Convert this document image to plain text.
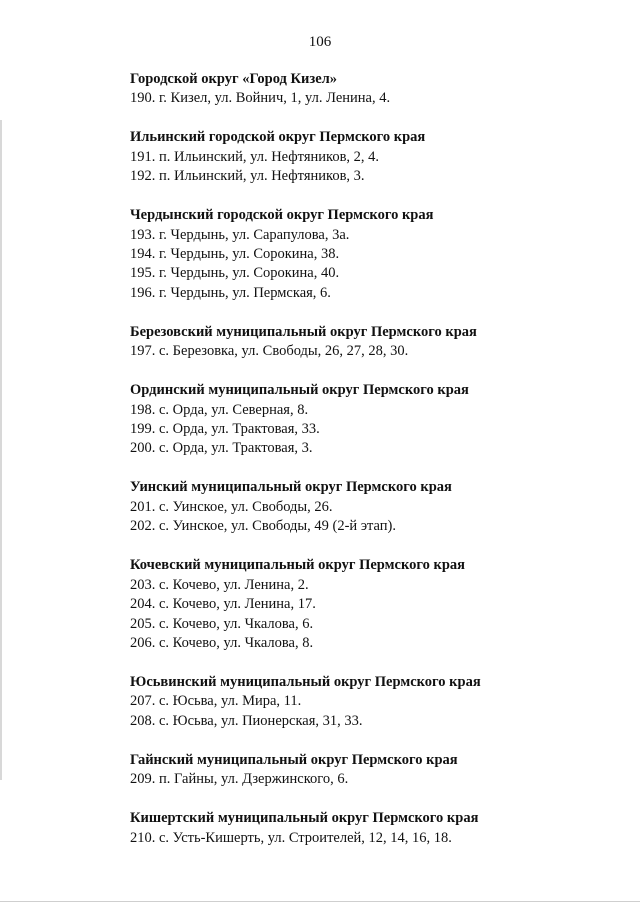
106
Городской округ «Город Кизел»
190. г. Кизел, ул. Войнич, 1, ул. Ленина, 4.
Ильинский городской округ Пермского края
191. п. Ильинский, ул. Нефтяников, 2, 4.
192. п. Ильинский, ул. Нефтяников, 3.
Чердынский городской округ Пермского края
193. г. Чердынь, ул. Сарапулова, 3а.
194. г. Чердынь, ул. Сорокина, 38.
195. г. Чердынь, ул. Сорокина, 40.
196. г. Чердынь, ул. Пермская, 6.
Березовский муниципальный округ Пермского края
197. с. Березовка, ул. Свободы, 26, 27, 28, 30.
Ординский муниципальный округ Пермского края
198. с. Орда, ул. Северная, 8.
199. с. Орда, ул. Трактовая, 33.
200. с. Орда, ул. Трактовая, 3.
Уинский муниципальный округ Пермского края
201. с. Уинское, ул. Свободы, 26.
202. с. Уинское, ул. Свободы, 49 (2-й этап).
Кочевский муниципальный округ Пермского края
203. с. Кочево, ул. Ленина, 2.
204. с. Кочево, ул. Ленина, 17.
205. с. Кочево, ул. Чкалова, 6.
206. с. Кочево, ул. Чкалова, 8.
Юсьвинский муниципальный округ Пермского края
207. с. Юсьва, ул. Мира, 11.
208. с. Юсьва, ул. Пионерская, 31, 33.
Гайнский муниципальный округ Пермского края
209. п. Гайны, ул. Дзержинского, 6.
Кишертский муниципальный округ Пермского края
210. с. Усть-Кишерть, ул. Строителей, 12, 14, 16, 18.
